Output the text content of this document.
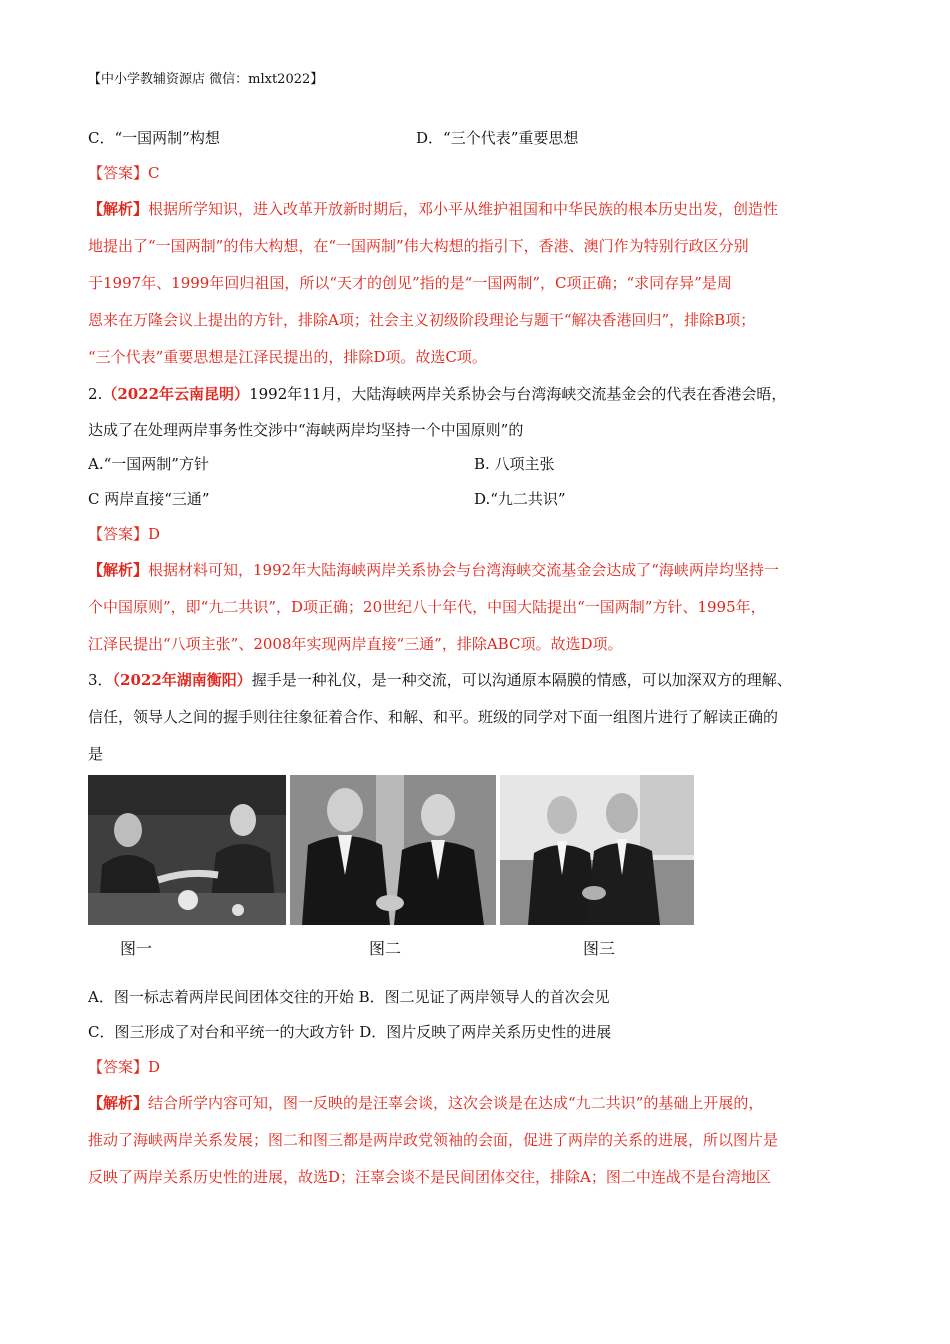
【中小学教辅资源店 微信：mlxt2022】
C．“一国两制”构想	D．“三个代表”重要思想
【答案】C
【解析】根据所学知识，进入改革开放新时期后，邓小平从维护祖国和中华民族的根本历史出发，创造性
地提出了“一国两制”的伟大构想，在“一国两制”伟大构想的指引下，香港、澳门作为特别行政区分别
于1997年、1999年回归祖国，所以“天才的创见”指的是“一国两制”，C项正确；“求同存异”是周
恩来在万隆会议上提出的方针，排除A项；社会主义初级阶段理论与题干“解决香港回归”，排除B项；
“三个代表”重要思想是江泽民提出的，排除D项。故选C项。
2.（2022年云南昆明）1992年11月，大陆海峡两岸关系协会与台湾海峡交流基金会的代表在香港会晤，
达成了在处理两岸事务性交涉中“海峡两岸均坚持一个中国原则”的
A.“一国两制”方针	B. 八项主张
C 两岸直接“三通”	D.“九二共识”
【答案】D
【解析】根据材料可知，1992年大陆海峡两岸关系协会与台湾海峡交流基金会达成了“海峡两岸均坚持一
个中国原则”，即“九二共识”，D项正确；20世纪八十年代，中国大陆提出“一国两制”方针、1995年，
江泽民提出“八项主张”、2008年实现两岸直接“三通”，排除ABC项。故选D项。
3．（2022年湖南衡阳）握手是一种礼仪，是一种交流，可以沟通原本隔膜的情感，可以加深双方的理解、
信任，领导人之间的握手则往往象征着合作、和解、和平。班级的同学对下面一组图片进行了解读正确的
是
图一	图二	图三
A．图一标志着两岸民间团体交往的开始 B．图二见证了两岸领导人的首次会见
C．图三形成了对台和平统一的大政方针 D．图片反映了两岸关系历史性的进展
【答案】D
【解析】结合所学内容可知，图一反映的是汪辜会谈，这次会谈是在达成“九二共识”的基础上开展的，
推动了海峡两岸关系发展；图二和图三都是两岸政党领袖的会面，促进了两岸的关系的进展，所以图片是
反映了两岸关系历史性的进展，故选D；汪辜会谈不是民间团体交往，排除A；图二中连战不是台湾地区
